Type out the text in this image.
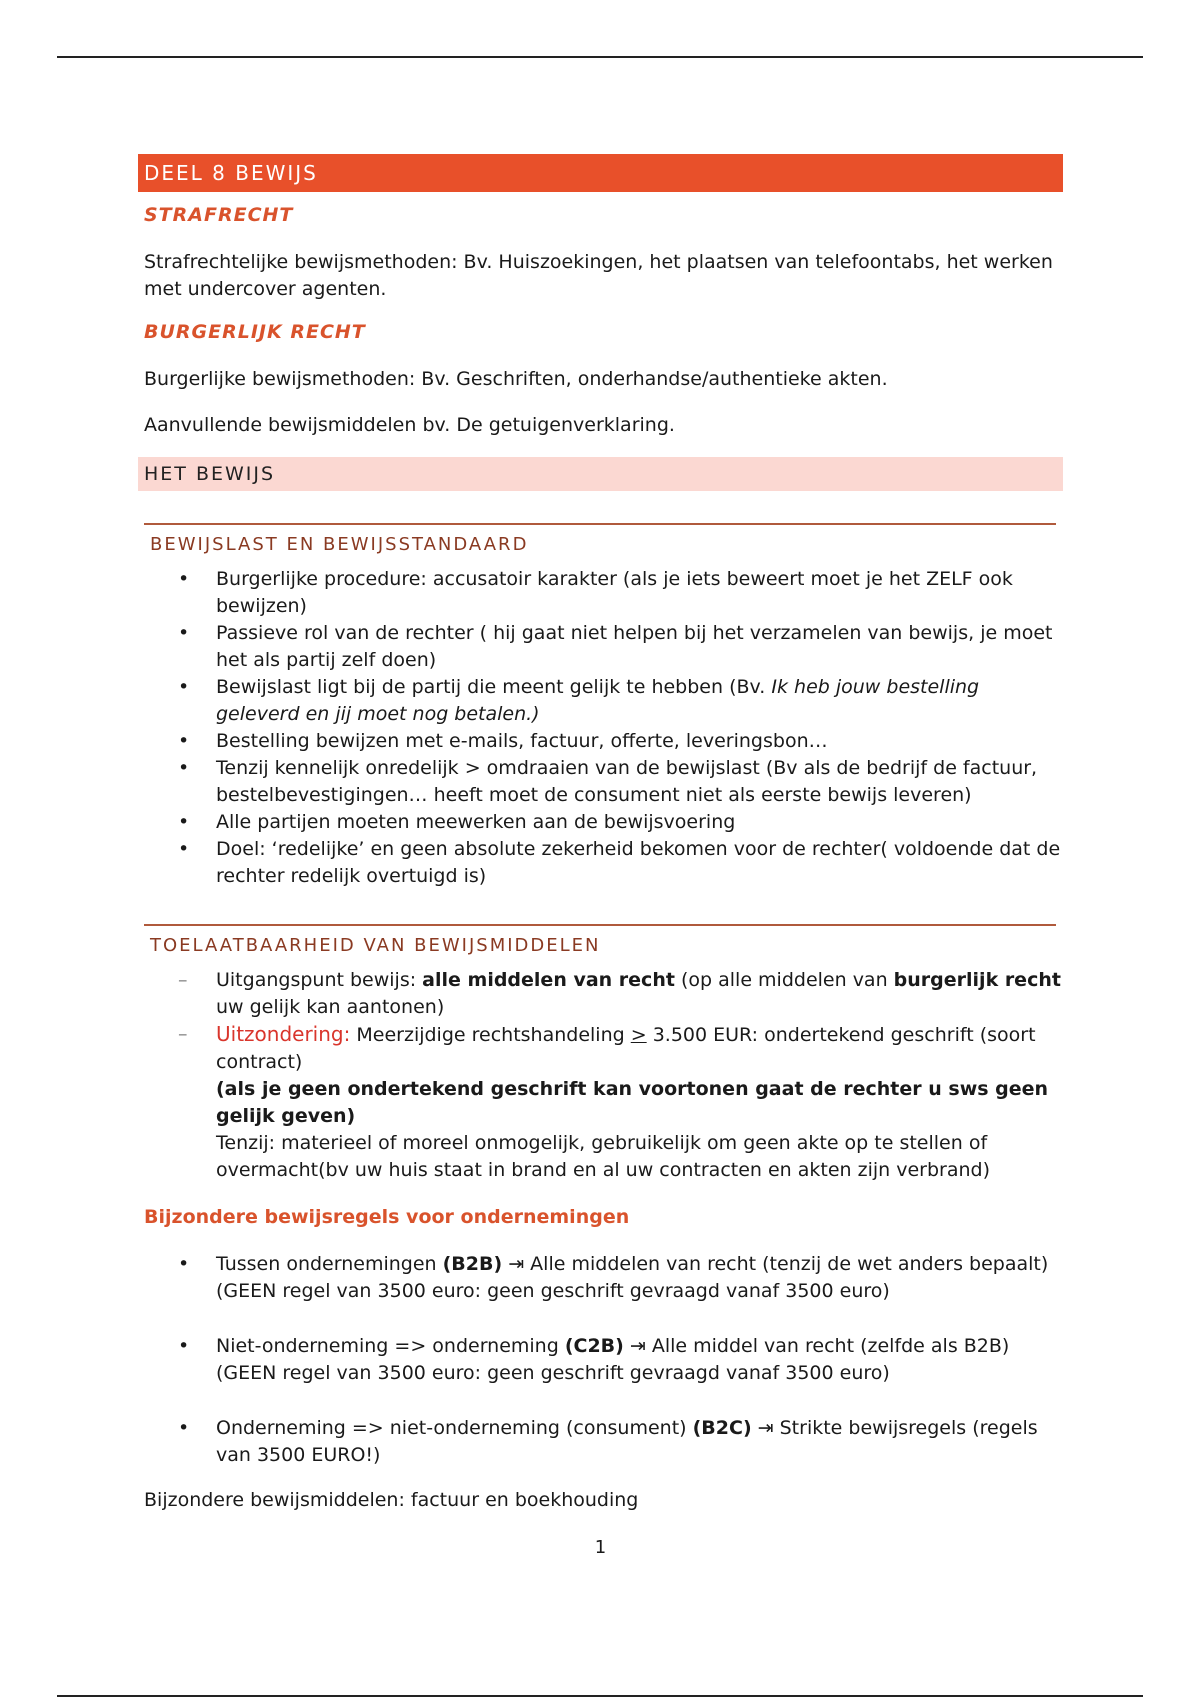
DEEL 8 BEWIJS
STRAFRECHT

Strafrechtelijke bewijsmethoden: Bv. Huiszoekingen, het plaatsen van telefoontabs, het werken met undercover agenten.

BURGERLIJK RECHT

Burgerlijke bewijsmethoden: Bv. Geschriften, onderhandse/authentieke akten.

Aanvullende bewijsmiddelen bv. De getuigenverklaring.

HET BEWIJS
BEWIJSLAST EN BEWIJSSTANDAARD
• Burgerlijke procedure: accusatoir karakter (als je iets beweert moet je het ZELF ook bewijzen)
• Passieve rol van de rechter ( hij gaat niet helpen bij het verzamelen van bewijs, je moet het als partij zelf doen)
• Bewijslast ligt bij de partij die meent gelijk te hebben (Bv. Ik heb jouw bestelling geleverd en jij moet nog betalen.)
• Bestelling bewijzen met e-mails, factuur, offerte, leveringsbon…
• Tenzij kennelijk onredelijk > omdraaien van de bewijslast (Bv als de bedrijf de factuur, bestelbevestigingen… heeft moet de consument niet als eerste bewijs leveren)
• Alle partijen moeten meewerken aan de bewijsvoering
• Doel: ‘redelijke’ en geen absolute zekerheid bekomen voor de rechter( voldoende dat de rechter redelijk overtuigd is)
TOELAATBAARHEID VAN BEWIJSMIDDELEN
– Uitgangspunt bewijs: alle middelen van recht (op alle middelen van burgerlijk recht uw gelijk kan aantonen)
– Uitzondering: Meerzijdige rechtshandeling > 3.500 EUR: ondertekend geschrift (soort contract)
(als je geen ondertekend geschrift kan voortonen gaat de rechter u sws geen gelijk geven)
Tenzij: materieel of moreel onmogelijk, gebruikelijk om geen akte op te stellen of overmacht(bv uw huis staat in brand en al uw contracten en akten zijn verbrand)
Bijzondere bewijsregels voor ondernemingen
• Tussen ondernemingen (B2B) ⇥ Alle middelen van recht (tenzij de wet anders bepaalt) (GEEN regel van 3500 euro: geen geschrift gevraagd vanaf 3500 euro)
• Niet-onderneming => onderneming (C2B) ⇥ Alle middel van recht (zelfde als B2B) (GEEN regel van 3500 euro: geen geschrift gevraagd vanaf 3500 euro)
• Onderneming => niet-onderneming (consument) (B2C) ⇥ Strikte bewijsregels (regels van 3500 EURO!)

Bijzondere bewijsmiddelen: factuur en boekhouding

1
